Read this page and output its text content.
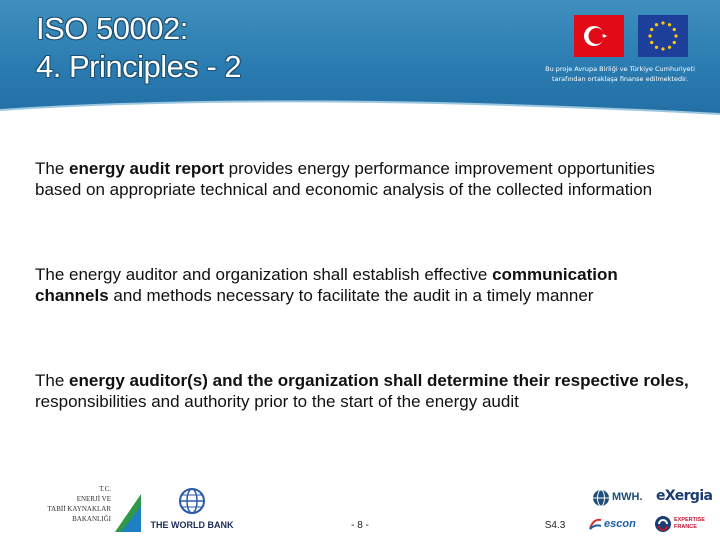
ISO 50002:
4. Principles - 2	Bu proje Avrupa Birliği ve Türkiye Cumhuriyeti
tarafından ortaklaşa finanse edilmektedir.

The energy audit report provides energy performance improvement opportunities based on appropriate technical and economic analysis of the collected information

The energy auditor and organization shall establish effective communication channels and methods necessary to facilitate the audit in a timely manner

The energy auditor(s) and the organization shall determine their respective roles, responsibilities and authority prior to the start of the energy audit

T.C.
ENERJİ VE
TABİİ KAYNAKLAR
BAKANLIĞI
THE WORLD BANK	- 8 -	S4.3
MWH. eXergia
escon	EXPERTISE
FRANCE
